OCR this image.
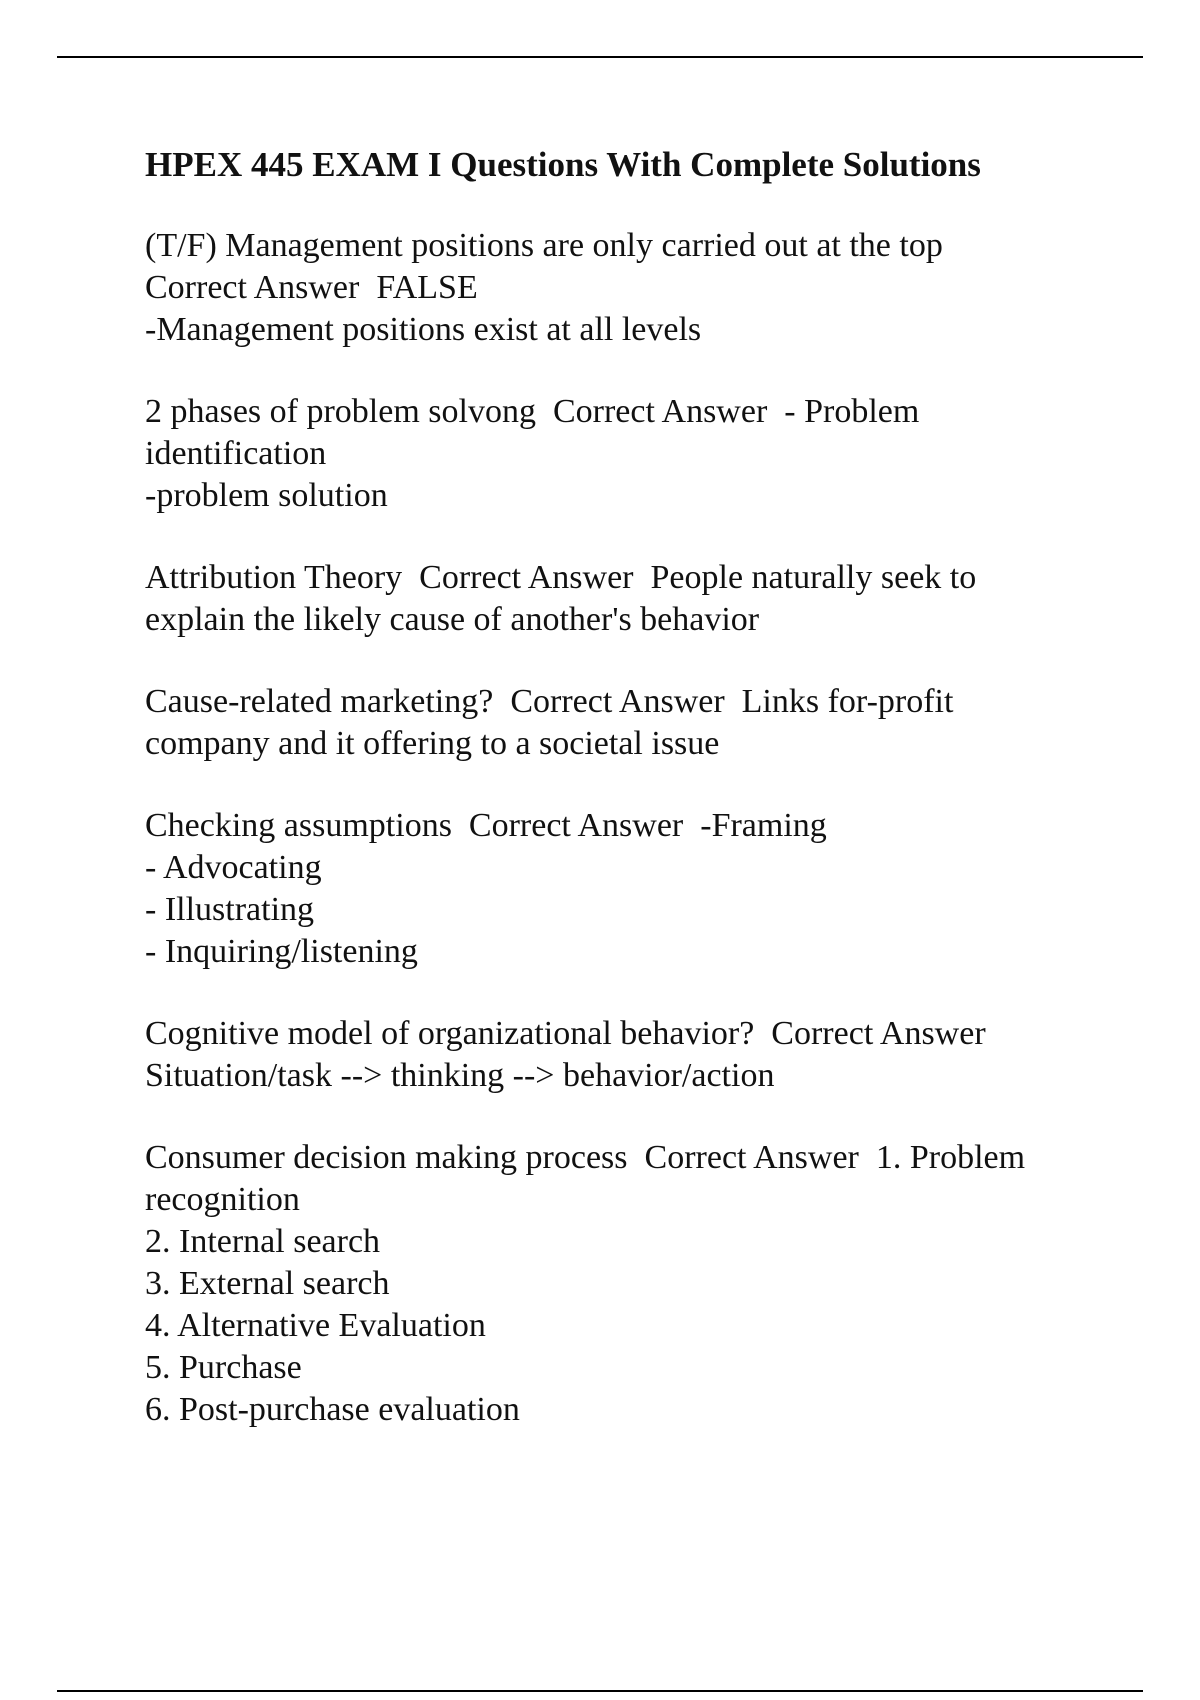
HPEX 445 EXAM I Questions With Complete Solutions
(T/F) Management positions are only carried out at the top
Correct Answer  FALSE
-Management positions exist at all levels
2 phases of problem solvong  Correct Answer  - Problem
identification
-problem solution
Attribution Theory  Correct Answer  People naturally seek to
explain the likely cause of another's behavior
Cause-related marketing?  Correct Answer  Links for-profit
company and it offering to a societal issue
Checking assumptions  Correct Answer  -Framing
- Advocating
- Illustrating
- Inquiring/listening
Cognitive model of organizational behavior?  Correct Answer
Situation/task --> thinking --> behavior/action
Consumer decision making process  Correct Answer  1. Problem
recognition
2. Internal search
3. External search
4. Alternative Evaluation
5. Purchase
6. Post-purchase evaluation
